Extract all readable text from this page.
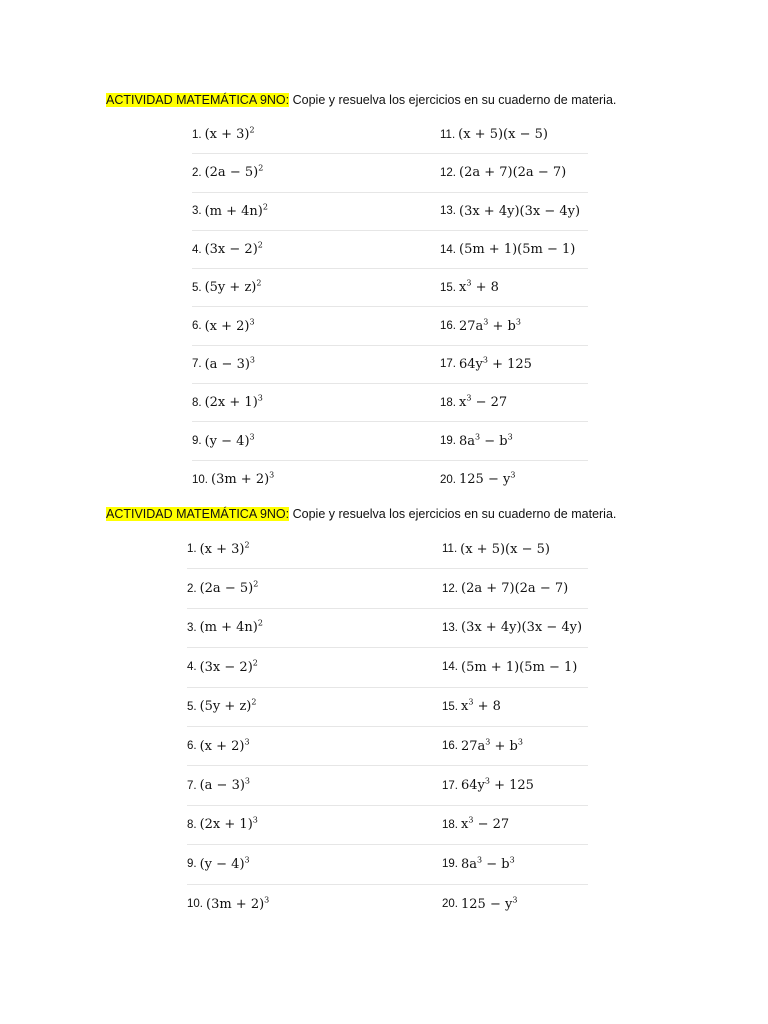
ACTIVIDAD MATEMÁTICA 9NO: Copie y resuelva los ejercicios en su cuaderno de materia.
1. $(x + 3)^2$	11. (x + 5)(x − 5)
2. $(2a - 5)^2$	12. (2a + 7)(2a − 7)
3. $(m + 4n)^2$	13. (3x + 4y)(3x − 4y)
4. $(3x - 2)^2$	14. (5m + 1)(5m − 1)
5. $(5y + z)^2$	15. $x^3 + 8$
6. $(x + 2)^3$	16. $27a^3 + b^3$
7. $(a - 3)^3$	17. $64y^3 + 125$
8. $(2x + 1)^3$	18. $x^3 - 27$
9. $(y - 4)^3$	19. $8a^3 - b^3$
10. $(3m + 2)^3$	20. $125 - y^3$
ACTIVIDAD MATEMÁTICA 9NO: Copie y resuelva los ejercicios en su cuaderno de materia.
1. $(x + 3)^2$	11. (x + 5)(x − 5)
2. $(2a - 5)^2$	12. (2a + 7)(2a − 7)
3. $(m + 4n)^2$	13. (3x + 4y)(3x − 4y)
4. $(3x - 2)^2$	14. (5m + 1)(5m − 1)
5. $(5y + z)^2$	15. $x^3 + 8$
6. $(x + 2)^3$	16. $27a^3 + b^3$
7. $(a - 3)^3$	17. $64y^3 + 125$
8. $(2x + 1)^3$	18. $x^3 - 27$
9. $(y - 4)^3$	19. $8a^3 - b^3$
10. $(3m + 2)^3$	20. $125 - y^3$
